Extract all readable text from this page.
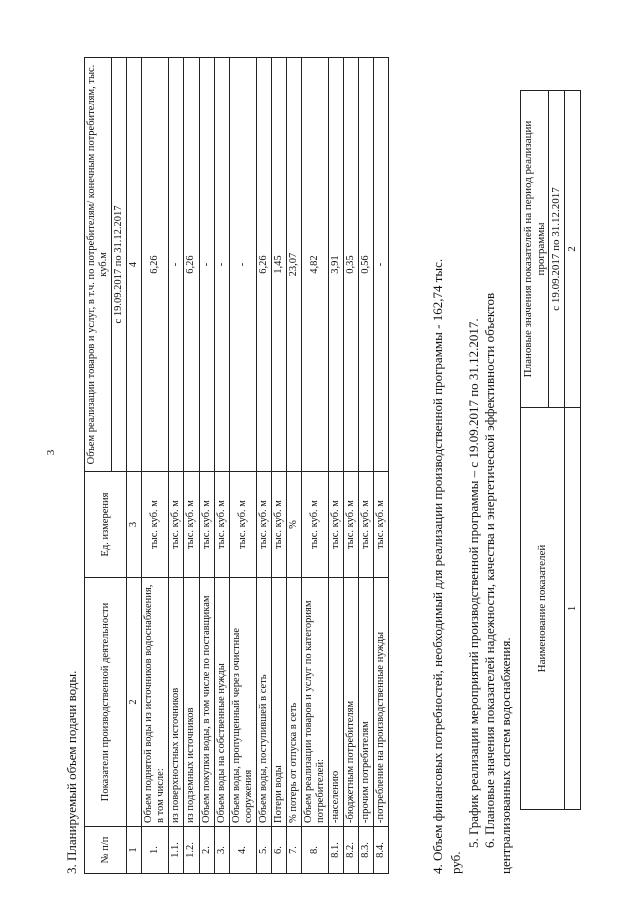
3
3. Планируемый объем подачи воды. № п/п	Показатели производственной деятельности	Ед. измерения	Объем реализации товаров и услуг, в т.ч. по потребителям/ конечным потребителям, тыс. куб.м
			с 19.09.2017 по 31.12.2017
1	2	3	4
1.	Объем поднятой воды из источников водоснабжения, в том числе:	тыс. куб. м	6,26
1.1.	из поверхностных источников	тыс. куб. м	-
1.2.	из подземных источников	тыс. куб. м	6,26
2.	Объем покупки воды, в том числе по поставщикам	тыс. куб. м	-
3.	Объем воды на собственные нужды	тыс. куб. м	-
4.	Объем воды, пропущенный через очистные сооружения	тыс. куб. м	-
5.	Объем воды, поступившей в сеть	тыс. куб. м	6,26
6.	Потери воды	тыс. куб. м	1,45
7.	% потерь от отпуска в сеть	%	23,07
8.	Объем реализации товаров и услуг по категориям потребителей:	тыс. куб. м	4,82
8.1.	-населению	тыс. куб. м	3,91
8.2.	-бюджетным потребителям	тыс. куб. м	0,35
8.3.	-прочим потребителям	тыс. куб. м	0,56
8.4.	-потребление на производственные нужды	тыс. куб. м	-	4. Объем финансовых потребностей, необходимый для реализации производственной программы - 162,74 тыс. руб.
5. График реализации мероприятий производственной программы – с 19.09.2017 по 31.12.2017. 6. Плановые значения показателей надежности, качества и энергетической эффективности объектов централизованных систем водоснабжения.
Наименование показателей	Плановые значения показателей на период реализации программы
	с 19.09.2017 по 31.12.2017
1	2
